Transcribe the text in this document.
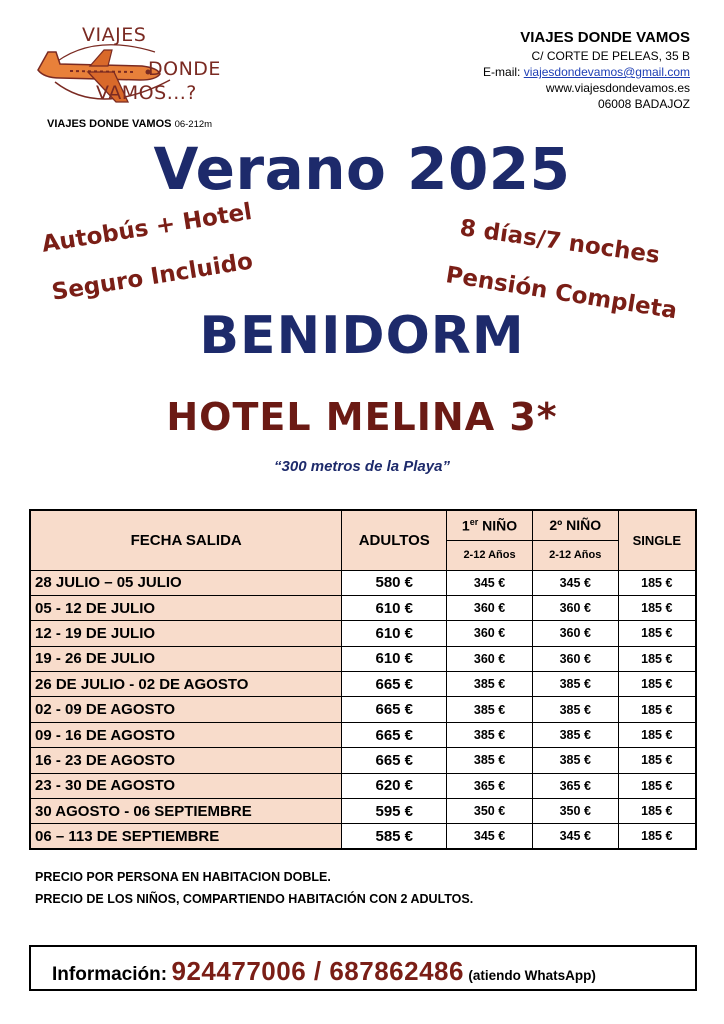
VIAJES
DONDE
VAMOS...?
VIAJES DONDE VAMOS 06-212m
VIAJES DONDE VAMOS
C/ CORTE DE PELEAS, 35 B
E-mail: viajesdondevamos@gmail.com
www.viajesdondevamos.es
06008 BADAJOZ
Verano 2025
Autobús + Hotel
Seguro Incluido
8 días/7 noches
Pensión Completa
BENIDORM
HOTEL MELINA 3*
“300 metros de la Playa”
FECHA SALIDA	ADULTOS	1er NIÑO	2º NIÑO	SINGLE
		2-12 Años	2-12 Años	
28 JULIO – 05 JULIO	580 €	345 €	345 €	185 €
05 - 12 DE JULIO	610 €	360 €	360 €	185 €
12 - 19 DE JULIO	610 €	360 €	360 €	185 €
19 - 26 DE JULIO	610 €	360 €	360 €	185 €
26 DE JULIO - 02 DE AGOSTO	665 €	385 €	385 €	185 €
02 - 09 DE AGOSTO	665 €	385 €	385 €	185 €
09 - 16 DE AGOSTO	665 €	385 €	385 €	185 €
16 - 23 DE AGOSTO	665 €	385 €	385 €	185 €
23 - 30 DE AGOSTO	620 €	365 €	365 €	185 €
30 AGOSTO - 06 SEPTIEMBRE	595 €	350 €	350 €	185 €
06 – 113 DE SEPTIEMBRE	585 €	345 €	345 €	185 €
PRECIO POR PERSONA EN HABITACION DOBLE.
PRECIO DE LOS NIÑOS, COMPARTIENDO HABITACIÓN CON 2 ADULTOS.
Información: 924477006 / 687862486 (atiendo WhatsApp)
